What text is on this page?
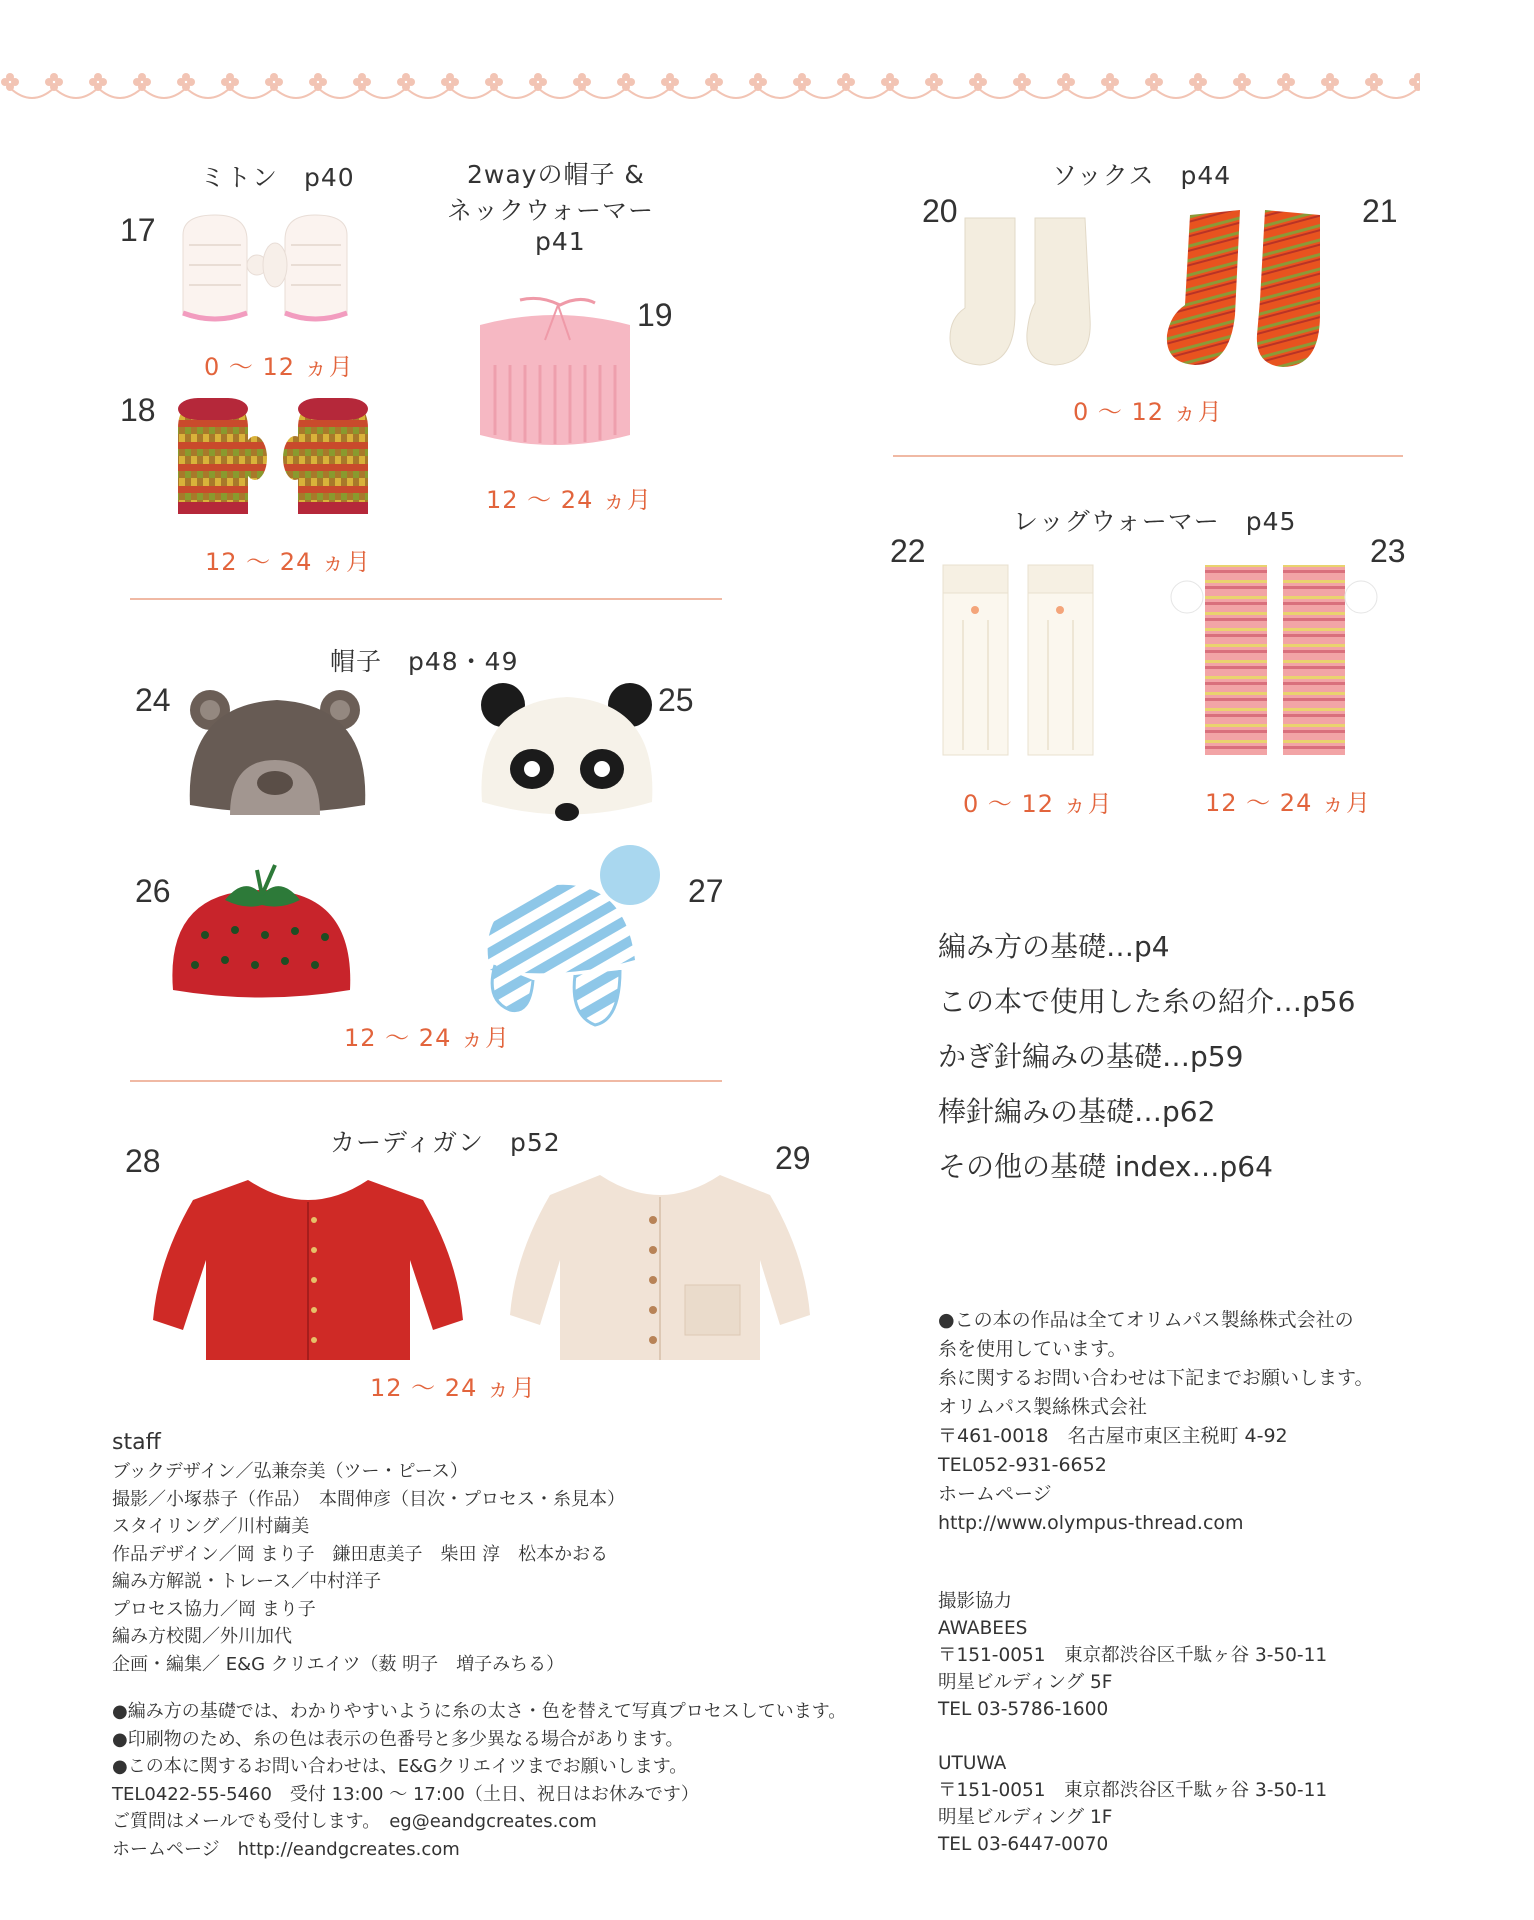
ミトン　p40
17
0 ～ 12 ヵ月
18
12 ～ 24 ヵ月
2wayの帽子 &
ネックウォーマー
p41
19
12 ～ 24 ヵ月
ソックス　p44
20	21
0 ～ 12 ヵ月
レッグウォーマー　p45
22	23
0 ～ 12 ヵ月	12 ～ 24 ヵ月
帽子　p48・49
24	25
26	27
12 ～ 24 ヵ月
カーディガン　p52
28	29
12 ～ 24 ヵ月
編み方の基礎…p4
この本で使用した糸の紹介…p56
かぎ針編みの基礎…p59
棒針編みの基礎…p62
その他の基礎 index…p64
staff
ブックデザイン／弘兼奈美（ツー・ピース）
撮影／小塚恭子（作品）　本間伸彦（目次・プロセス・糸見本）
スタイリング／川村繭美
作品デザイン／岡 まり子　鎌田恵美子　柴田 淳　松本かおる
編み方解説・トレース／中村洋子
プロセス協力／岡 まり子
編み方校閲／外川加代
企画・編集／ E&G クリエイツ（薮 明子　増子みちる）
●編み方の基礎では、わかりやすいように糸の太さ・色を替えて写真プロセスしています。
●印刷物のため、糸の色は表示の色番号と多少異なる場合があります。
●この本に関するお問い合わせは、E&Gクリエイツまでお願いします。
TEL0422-55-5460　受付 13:00 ～ 17:00（土日、祝日はお休みです）
ご質問はメールでも受付します。　eg@eandgcreates.com
ホームページ　http://eandgcreates.com
●この本の作品は全てオリムパス製絲株式会社の
糸を使用しています。
糸に関するお問い合わせは下記までお願いします。
オリムパス製絲株式会社
〒461-0018　名古屋市東区主税町 4-92
TEL052-931-6652
ホームページ
http://www.olympus-thread.com
撮影協力
AWABEES
〒151-0051　東京都渋谷区千駄ヶ谷 3-50-11
明星ビルディング 5F
TEL 03-5786-1600
UTUWA
〒151-0051　東京都渋谷区千駄ヶ谷 3-50-11
明星ビルディング 1F
TEL 03-6447-0070
